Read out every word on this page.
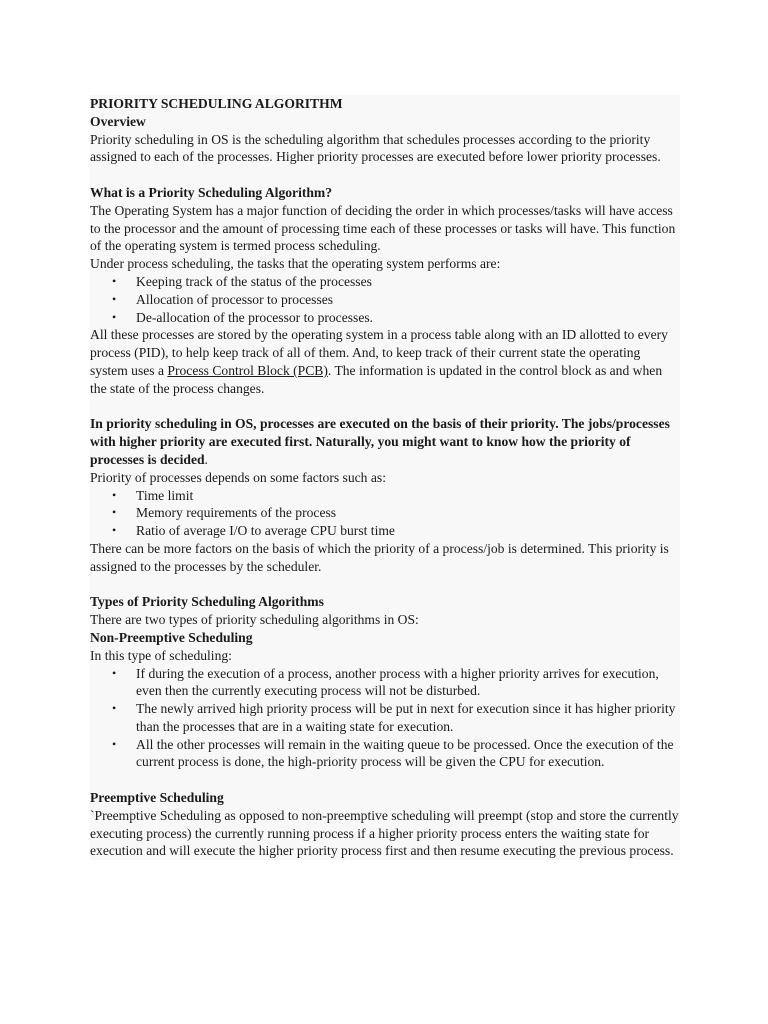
PRIORITY SCHEDULING ALGORITHM
Overview

Priority scheduling in OS is the scheduling algorithm that schedules processes according to the priority assigned to each of the processes. Higher priority processes are executed before lower priority processes.

What is a Priority Scheduling Algorithm?

The Operating System has a major function of deciding the order in which processes/tasks will have access to the processor and the amount of processing time each of these processes or tasks will have. This function of the operating system is termed process scheduling.

Under process scheduling, the tasks that the operating system performs are:

• Keeping track of the status of the processes
• Allocation of processor to processes
• De-allocation of the processor to processes.

All these processes are stored by the operating system in a process table along with an ID allotted to every process (PID), to help keep track of all of them. And, to keep track of their current state the operating system uses a Process Control Block (PCB). The information is updated in the control block as and when the state of the process changes.

In priority scheduling in OS, processes are executed on the basis of their priority. The jobs/processes with higher priority are executed first. Naturally, you might want to know how the priority of processes is decided.

Priority of processes depends on some factors such as:

• Time limit
• Memory requirements of the process
• Ratio of average I/O to average CPU burst time

There can be more factors on the basis of which the priority of a process/job is determined. This priority is assigned to the processes by the scheduler.

Types of Priority Scheduling Algorithms

There are two types of priority scheduling algorithms in OS:

Non-Preemptive Scheduling

In this type of scheduling:

• If during the execution of a process, another process with a higher priority arrives for execution, even then the currently executing process will not be disturbed.
• The newly arrived high priority process will be put in next for execution since it has higher priority than the processes that are in a waiting state for execution.
• All the other processes will remain in the waiting queue to be processed. Once the execution of the current process is done, the high-priority process will be given the CPU for execution.
Preemptive Scheduling

`Preemptive Scheduling as opposed to non-preemptive scheduling will preempt (stop and store the currently executing process) the currently running process if a higher priority process enters the waiting state for execution and will execute the higher priority process first and then resume executing the previous process.
